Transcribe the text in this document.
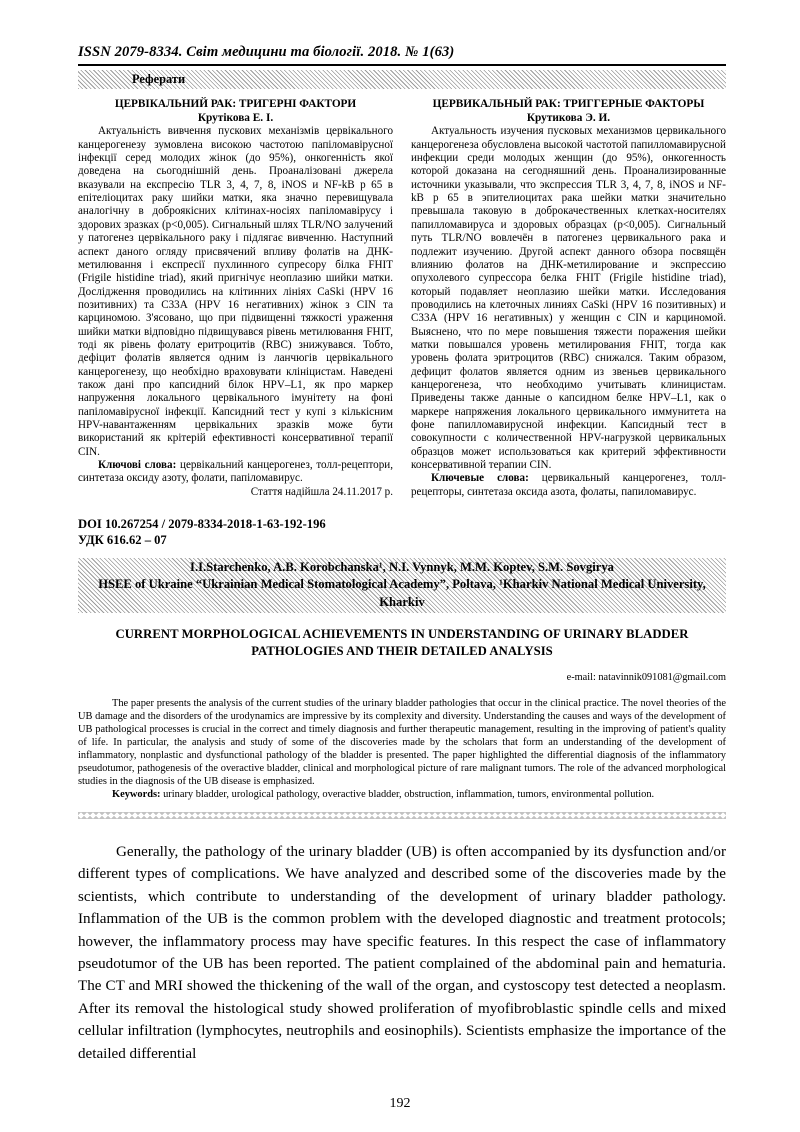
ISSN 2079-8334. Світ медицини та біології. 2018. № 1(63)
Реферати
ЦЕРВІКАЛЬНИЙ РАК: ТРИГЕРНІ ФАКТОРИ
Крутікова Е. І.

Актуальність вивчення пускових механізмів цервікального канцерогенезу зумовлена високою частотою папіломавірусної інфекції серед молодих жінок (до 95%), онкогенність якої доведена на сьогоднішній день. Проаналізовані джерела вказували на експресію TLR 3, 4, 7, 8, iNOS и NF-kB p 65 в епітеліоцитах раку шийки матки, яка значно перевищувала аналогічну в доброякісних клітинах-носіях папіломавірусу і здорових зразках (p<0,005). Сигнальный шлях TLR/NO залучений у патогенез цервікального раку і підлягає вивченню. Наступний аспект даного огляду присвячений впливу фолатів на ДНК-метилювання і експресії пухлинного супресору білка FHIT (Frigile histidine triad), який пригнічує неоплазию шийки матки. Дослідження проводились на клітинних лініях CaSki (HPV 16 позитивних) та С33А (HPV 16 негативних) жінок з CIN та карциномою. З'ясовано, що при підвищенні тяжкості ураження шийки матки відповідно підвищувався рівень метилювання FHIT, тоді як рівень фолату еритроцитів (RBC) знижувався. Тобто, дефіцит фолатів является одним із ланчюгів цервікального канцерогенезу, що необхідно враховувати клініцистам. Наведені також дані про капсидний білок HPV–L1, як про маркер напруження локального цервікального імунітету на фоні папіломавірусної інфекції. Капсидний тест у купі з кількісним HPV-навантаженням цервікальних зразків може бути використаний як крітерій ефективності консервативної терапії CIN.

Ключові слова: цервікальний канцерогенез, толл-рецептори, синтетаза оксиду азоту, фолати, папіломавирус.

Стаття надійшла 24.11.2017 р.
ЦЕРВИКАЛЬНЫЙ РАК: ТРИГГЕРНЫЕ ФАКТОРЫ
Крутикова Э. И.

Актуальность изучения пусковых механизмов цервикального канцерогенеза обусловлена высокой частотой папилломавирусной инфекции среди молодых женщин (до 95%), онкогенность которой доказана на сегодняшний день. Проанализированные источники указывали, что экспрессия TLR 3, 4, 7, 8, iNOS и NF-kB p 65 в эпителиоцитах рака шейки матки значительно превышала таковую в доброкачественных клетках-носителях папилломавируса и здоровых образцах (p<0,005). Сигнальный путь TLR/NO вовлечён в патогенез цервикального рака и подлежит изучению. Другой аспект данного обзора посвящён влиянию фолатов на ДНК-метилирование и экспрессию опухолевого супрессора белка FHIT (Frigile histidine triad), который подавляет неоплазию шейки матки. Исследования проводились на клеточных линиях CaSki (HPV 16 позитивных) и С33А (HPV 16 негативных) у женщин с CIN и карциномой. Выяснено, что по мере повышения тяжести поражения шейки матки повышался уровень метилирования FHIT, тогда как уровень фолата эритроцитов (RBC) снижался. Таким образом, дефицит фолатов является одним из звеньев цервикального канцерогенеза, что необходимо учитывать клиницистам. Приведены также данные о капсидном белке HPV–L1, как о маркере напряжения локального цервикального иммунитета на фоне папилломавирусной инфекции. Капсидный тест в совокупности с количественной HPV-нагрузкой цервикальных образцов может использоваться как критерий эффективности консервативной терапии CIN.

Ключевые слова: цервикальный канцерогенез, толл-рецепторы, синтетаза оксида азота, фолаты, папиломавирус.

DOI 10.267254 / 2079-8334-2018-1-63-192-196
УДК 616.62 – 07
I.I.Starchenko, A.B. Korobchanska¹, N.I. Vynnyk, M.M. Koptev, S.M. Sovgirya
HSEE of Ukraine “Ukrainian Medical Stomatological Academy”, Poltava, ¹Kharkiv National Medical University, Kharkiv
CURRENT MORPHOLOGICAL ACHIEVEMENTS IN UNDERSTANDING OF URINARY BLADDER PATHOLOGIES AND THEIR DETAILED ANALYSIS
e-mail: natavinnik091081@gmail.com

The paper presents the analysis of the current studies of the urinary bladder pathologies that occur in the clinical practice. The novel theories of the UB damage and the disorders of the urodynamics are impressive by its complexity and diversity. Understanding the causes and ways of the development of UB pathological processes is crucial in the correct and timely diagnosis and further therapeutic management, resulting in the improving of patient's quality of life. In particular, the analysis and study of some of the discoveries made by the scholars that form an understanding of the development of inflammatory, nonplastic and dysfunctional pathology of the bladder is presented. The paper highlighted the differential diagnosis of the inflammatory pseudotumor, pathogenesis of the overactive bladder, clinical and morphological picture of rare malignant tumors. The role of the advanced morphological studies in the diagnosis of the UB disease is emphasized.

Keywords: urinary bladder, urological pathology, overactive bladder, obstruction, inflammation, tumors, environmental pollution.

Generally, the pathology of the urinary bladder (UB) is often accompanied by its dysfunction and/or different types of complications. We have analyzed and described some of the discoveries made by the scientists, which contribute to understanding of the development of urinary bladder pathology. Inflammation of the UB is the common problem with the developed diagnostic and treatment protocols; however, the inflammatory process may have specific features. In this respect the case of inflammatory pseudotumor of the UB has been reported. The patient complained of the abdominal pain and hematuria. The CT and MRI showed the thickening of the wall of the organ, and cystoscopy test detected a neoplasm. After its removal the histological study showed proliferation of myofibroblastic spindle cells and mixed cellular infiltration (lymphocytes, neutrophils and eosinophils). Scientists emphasize the importance of the detailed differential

192
